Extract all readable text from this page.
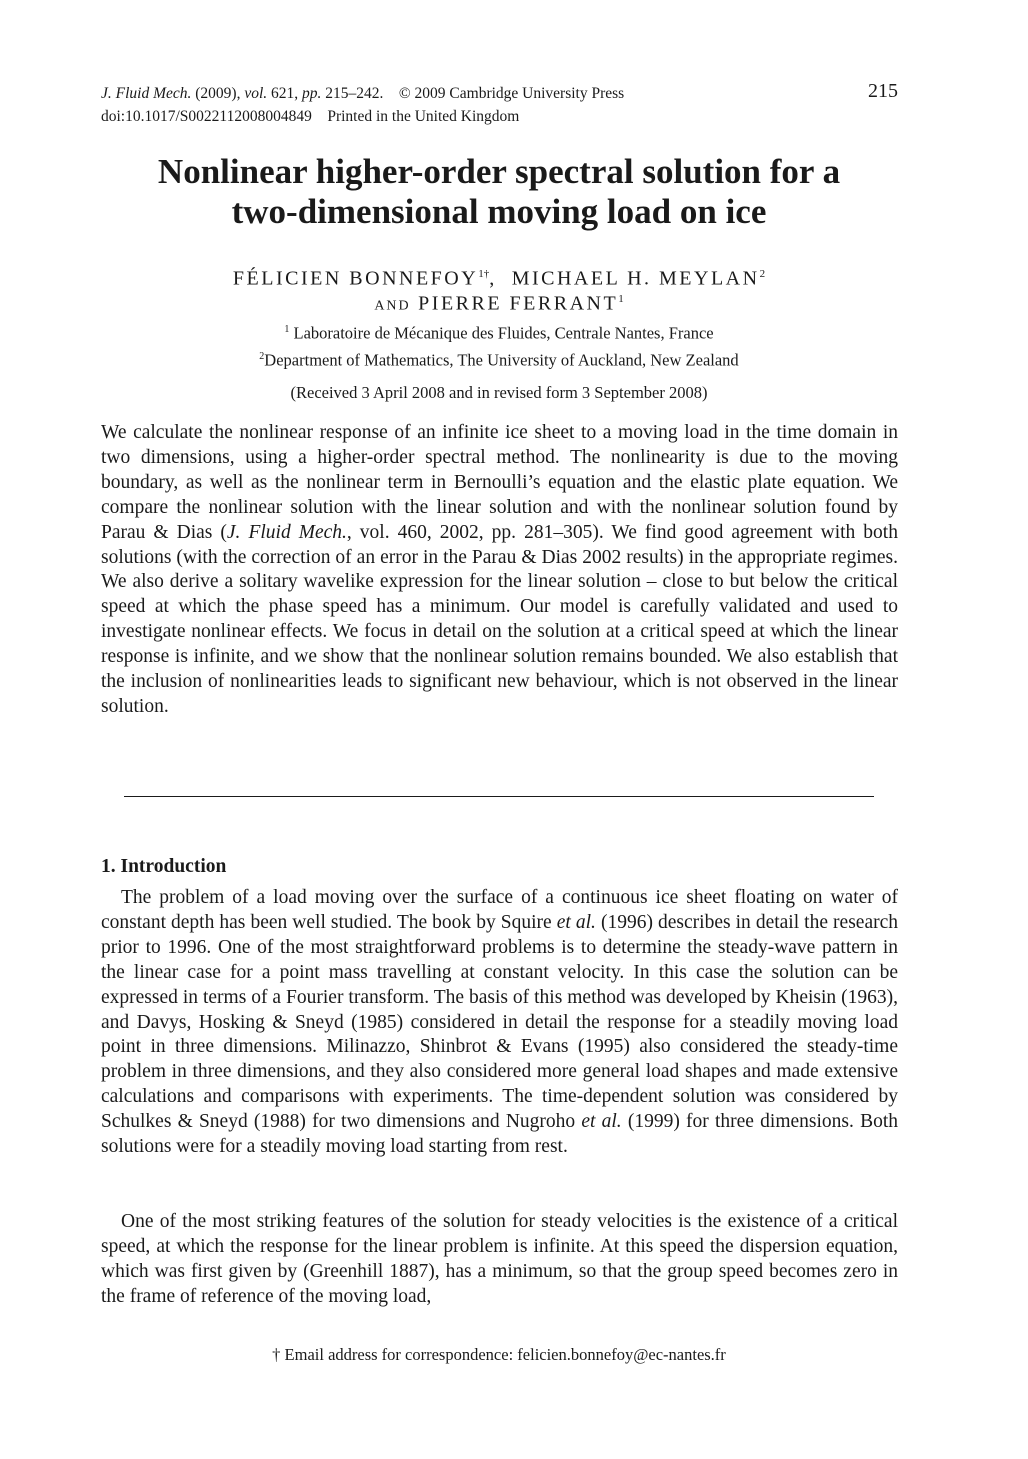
J. Fluid Mech. (2009), vol. 621, pp. 215–242. © 2009 Cambridge University Press
doi:10.1017/S0022112008004849 Printed in the United Kingdom
215
Nonlinear higher-order spectral solution for a
two-dimensional moving load on ice
FÉLICIEN $BONNEFOY^{1\dagger}$, MICHAEL H. MEYLAN$^2$
AND PIERRE FERRANT$^1$
$^1$ Laboratoire de Mécanique des Fluides, Centrale Nantes, France
$^2$Department of Mathematics, The University of Auckland, New Zealand
(Received 3 April 2008 and in revised form 3 September 2008)

We calculate the nonlinear response of an infinite ice sheet to a moving load in the time domain in two dimensions, using a higher-order spectral method. The nonlinearity is due to the moving boundary, as well as the nonlinear term in Bernoulli’s equation and the elastic plate equation. We compare the nonlinear solution with the linear solution and with the nonlinear solution found by Parau & Dias (J. Fluid Mech., vol. 460, 2002, pp. 281–305). We find good agreement with both solutions (with the correction of an error in the Parau & Dias 2002 results) in the appropriate regimes. We also derive a solitary wavelike expression for the linear solution – close to but below the critical speed at which the phase speed has a minimum. Our model is carefully validated and used to investigate nonlinear effects. We focus in detail on the solution at a critical speed at which the linear response is infinite, and we show that the nonlinear solution remains bounded. We also establish that the inclusion of nonlinearities leads to significant new behaviour, which is not observed in the linear solution.

1. Introduction

The problem of a load moving over the surface of a continuous ice sheet floating on water of constant depth has been well studied. The book by Squire et al. (1996) describes in detail the research prior to 1996. One of the most straightforward problems is to determine the steady-wave pattern in the linear case for a point mass travelling at constant velocity. In this case the solution can be expressed in terms of a Fourier transform. The basis of this method was developed by Kheisin (1963), and Davys, Hosking & Sneyd (1985) considered in detail the response for a steadily moving load point in three dimensions. Milinazzo, Shinbrot & Evans (1995) also considered the steady-time problem in three dimensions, and they also considered more general load shapes and made extensive calculations and comparisons with experiments. The time-dependent solution was considered by Schulkes & Sneyd (1988) for two dimensions and Nugroho et al. (1999) for three dimensions. Both solutions were for a steadily moving load starting from rest.

One of the most striking features of the solution for steady velocities is the existence of a critical speed, at which the response for the linear problem is infinite. At this speed the dispersion equation, which was first given by (Greenhill 1887), has a minimum, so that the group speed becomes zero in the frame of reference of the moving load,

† Email address for correspondence: felicien.bonnefoy@ec-nantes.fr
